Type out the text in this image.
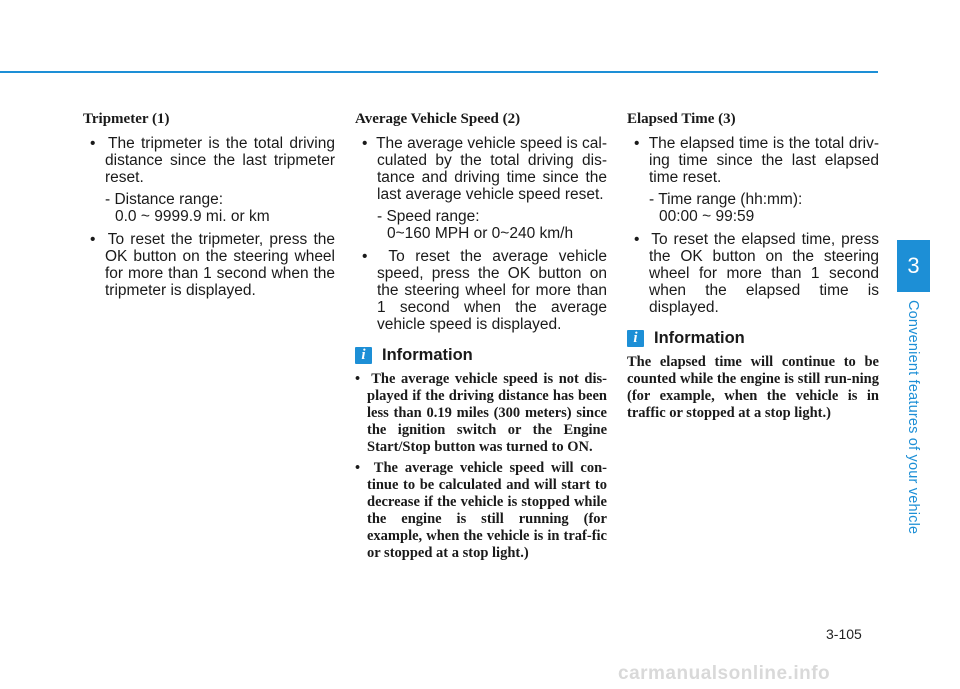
Tripmeter (1)
•  The tripmeter is the total driving distance since the last tripmeter reset.
- Distance range:
0.0 ~ 9999.9 mi. or km
•  To reset the tripmeter, press the OK button on the steering wheel for more than 1 second when the tripmeter is displayed.
Average Vehicle Speed (2)
•  The average vehicle speed is cal-culated by the total driving dis-tance and driving time since the last average vehicle speed reset.
- Speed range:
0~160 MPH or 0~240 km/h
•  To reset the average vehicle speed, press the OK button on the steering wheel for more than 1 second when the average vehicle speed is displayed.
i Information
•  The average vehicle speed is not dis-played if the driving distance has been less than 0.19 miles (300 meters) since the ignition switch or the Engine Start/Stop button was turned to ON.
•  The average vehicle speed will con-tinue to be calculated and will start to decrease if the vehicle is stopped while the engine is still running (for example, when the vehicle is in traf-fic or stopped at a stop light.)
Elapsed Time (3)
•  The elapsed time is the total driv-ing time since the last elapsed time reset.
- Time range (hh:mm):
00:00 ~ 99:59
•  To reset the elapsed time, press the OK button on the steering wheel for more than 1 second when the elapsed time is displayed.
i Information

The elapsed time will continue to be counted while the engine is still run-ning (for example, when the vehicle is in traffic or stopped at a stop light.)

3
Convenient features of your vehicle
3-105
carmanualsonline.info
